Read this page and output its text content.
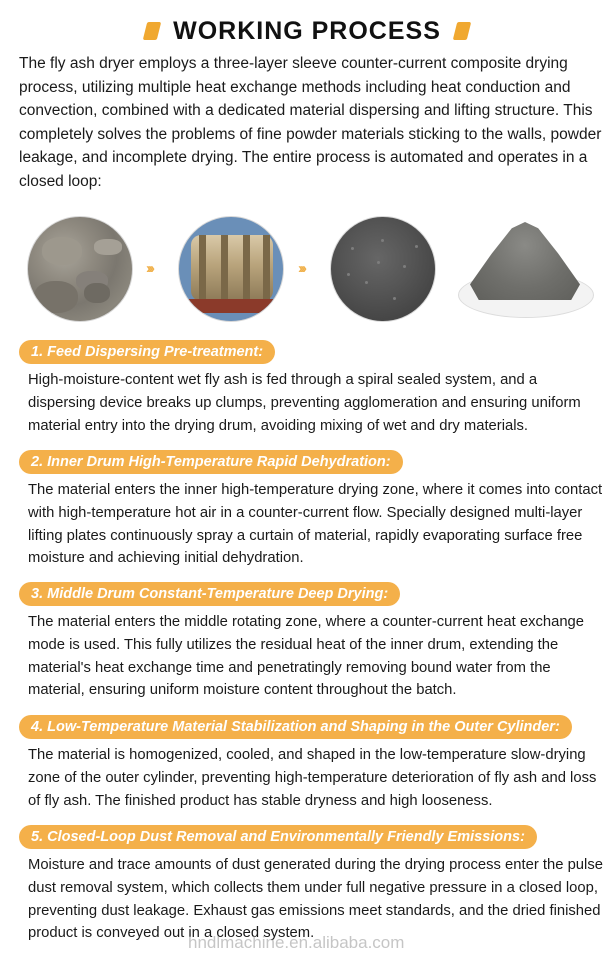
WORKING PROCESS
The fly ash dryer employs a three-layer sleeve counter-current composite drying process, utilizing multiple heat exchange methods including heat conduction and convection, combined with a dedicated material dispersing and lifting structure. This completely solves the problems of fine powder materials sticking to the walls, powder leakage, and incomplete drying. The entire process is automated and operates in a closed loop:
›››	›››
1. Feed Dispersing Pre-treatment:
High-moisture-content wet fly ash is fed through a spiral sealed system, and a dispersing device breaks up clumps, preventing agglomeration and ensuring uniform material entry into the drying drum, avoiding mixing of wet and dry materials.
2. Inner Drum High-Temperature Rapid Dehydration:
The material enters the inner high-temperature drying zone, where it comes into contact with high-temperature hot air in a counter-current flow. Specially designed multi-layer lifting plates continuously spray a curtain of material, rapidly evaporating surface free moisture and achieving initial dehydration.
3. Middle Drum Constant-Temperature Deep Drying:
The material enters the middle rotating zone, where a counter-current heat exchange mode is used. This fully utilizes the residual heat of the inner drum, extending the material's heat exchange time and penetratingly removing bound water from the material, ensuring uniform moisture content throughout the batch.
4. Low-Temperature Material Stabilization and Shaping in the Outer Cylinder:
The material is homogenized, cooled, and shaped in the low-temperature slow-drying zone of the outer cylinder, preventing high-temperature deterioration of fly ash and loss of fly ash. The finished product has stable dryness and high looseness.
5. Closed-Loop Dust Removal and Environmentally Friendly Emissions:
Moisture and trace amounts of dust generated during the drying process enter the pulse dust removal system, which collects them under full negative pressure in a closed loop, preventing dust leakage. Exhaust gas emissions meet standards, and the dried finished product is conveyed out in a closed system.
hndlmachine.en.alibaba.com
